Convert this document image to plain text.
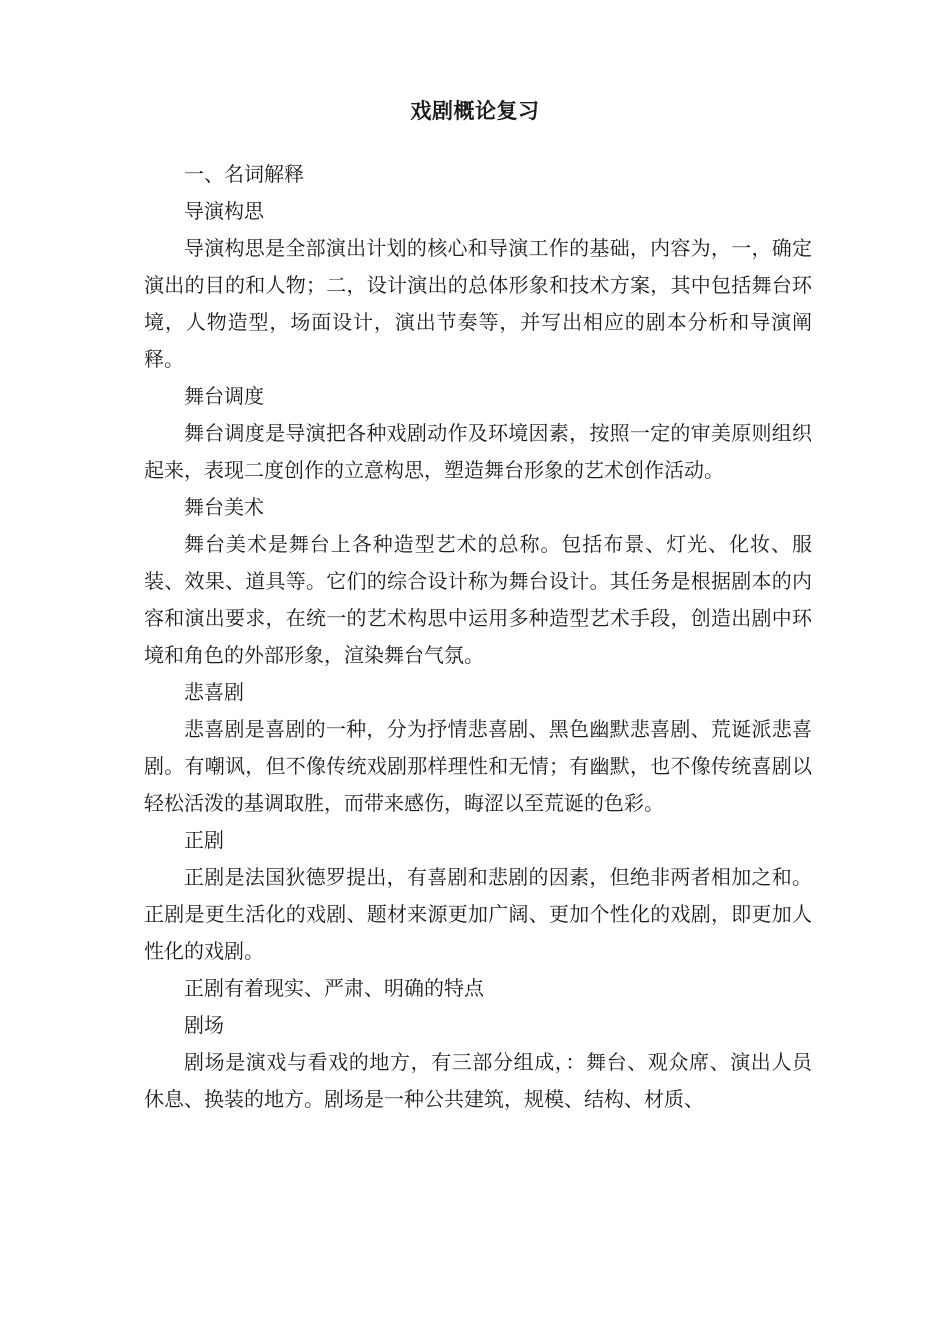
戏剧概论复习

一、名词解释

导演构思

导演构思是全部演出计划的核心和导演工作的基础，内容为，一，确定演出的目的和人物；二，设计演出的总体形象和技术方案，其中包括舞台环境，人物造型，场面设计，演出节奏等，并写出相应的剧本分析和导演阐释。

舞台调度

舞台调度是导演把各种戏剧动作及环境因素，按照一定的审美原则组织起来，表现二度创作的立意构思，塑造舞台形象的艺术创作活动。

舞台美术

舞台美术是舞台上各种造型艺术的总称。包括布景、灯光、化妆、服装、效果、道具等。它们的综合设计称为舞台设计。其任务是根据剧本的内容和演出要求，在统一的艺术构思中运用多种造型艺术手段，创造出剧中环境和角色的外部形象，渲染舞台气氛。

悲喜剧

悲喜剧是喜剧的一种，分为抒情悲喜剧、黑色幽默悲喜剧、荒诞派悲喜剧。有嘲讽，但不像传统戏剧那样理性和无情；有幽默，也不像传统喜剧以轻松活泼的基调取胜，而带来感伤，晦涩以至荒诞的色彩。

正剧

正剧是法国狄德罗提出，有喜剧和悲剧的因素，但绝非两者相加之和。正剧是更生活化的戏剧、题材来源更加广阔、更加个性化的戏剧，即更加人性化的戏剧。

正剧有着现实、严肃、明确的特点

剧场

剧场是演戏与看戏的地方，有三部分组成，：舞台、观众席、演出人员休息、换装的地方。剧场是一种公共建筑，规模、结构、材质、
